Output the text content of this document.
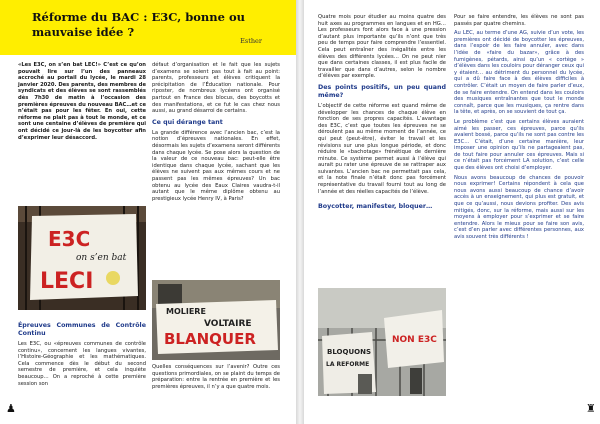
Réforme du BAC : E3C, bonne ou mauvaise idée ?
Esther

«Les E3C, on s’en bat LEC!» C’est ce qu’on pouvait lire sur l’un des panneaux accroché au portail du lycée, le mardi 28 janvier 2020. Des parents, des membres de syndicats et des élèves se sont rassemblés dès 7h30 de matin à l’occasion des premières épreuves du nouveau BAC…et ce n’était pas pour les fêter. En oui, cette réforme ne plait pas à tout le monde, et ce sont une centaine d’élèves de première qui ont décidé ce jour-là de les boycotter afin d’exprimer leur désaccord.

E3C
on s’en bat
LECI
Épreuves Communes de Contrôle Continu

Les E3C, ou «épreuves communes de contrôle continu», concernent les langues vivantes, l’Histoire-Géographie et les mathématiques. Cela commence dès le début du second semestre de première, et cela inquiète beaucoup… On a reproché à cette première session son

défaut d’organisation et le fait que les sujets d’examens se soient pas tout à fait au point: parents, professeurs et élèves critiquent la précipitation de l’Éducation nationale. Pour riposter, de nombreux lycéens ont organisé partout en France des blocus, des boycotts et des manifestations, et ce fut le cas chez nous aussi, au grand désarroi de certains.

Ce qui dérange tant

La grande différence avec l’ancien bac, c’est la notion d’épreuves nationales. En effet, désormais les sujets d’examens seront différents dans chaque lycée. Se pose alors la question de la valeur de ce nouveau bac: peut-elle être identique dans chaque lycée, sachant que les élèves ne suivent pas aux mêmes cours et ne passent pas les mêmes épreuves? Un bac obtenu au lycée des Eaux Claires vaudra-t-il autant que le même diplôme obtenu au prestigieux lycée Henry IV, à Paris?

MOLIERE
VOLTAIRE
BLANQUER

Quelles conséquences sur l’avenir? Outre ces questions primordiales, on se plaint du temps de préparation: entre la rentrée en première et les premières épreuves, il n’y a que quatre mois.

♟

Quatre mois pour étudier au moins quatre des huit axes au programmes en langues et en HG… Les professeurs font alors face à une pression d’autant plus importante qu’ils n’ont que très peu de temps pour faire comprendre l’essentiel. Cela peut entraîner des inégalités entre les élèves des différents lycées… On ne peut nier que dans certaines classes, il est plus facile de travailler que dans d’autres, selon le nombre d’élèves par exemple.

Des points positifs, un peu quand même?

L’objectif de cette réforme est quand même de développer les chances de chaque élève en fonction de ses propres capacités. L’avantage des E3C, c’est que toutes les épreuves ne se déroulent pas au même moment de l’année, ce qui peut (peut-être), éviter le travail et les révisions sur une plus longue période, et donc réduire le «bachotage» frénétique de dernière minute. Ce système permet aussi à l’élève qui aurait pu rater une épreuve de se rattraper aux suivantes. L’ancien bac ne permettait pas cela, et la note finale n’était donc pas forcément représentative du travail fourni tout au long de l’année et des réelles capacités de l’élève.

Boycotter, manifester, bloquer…
BLOQUONS
LA REFORME
NON E3C

Pour se faire entendre, les élèves ne sont pas passés par quatre chemins.

Au LEC, au terme d’une AG, suivie d’un vote, les premières ont décidé de boycotter les épreuves, dans l’espoir de les faire annuler, avec dans l’idée de «faire du bazar», grâce à des fumigènes, pétards, ainsi qu’un « cortège » d’élèves dans les couloirs pour déranger ceux qui y étaient… au détriment du personnel du lycée, qui a dû faire face à des élèves difficiles à contrôler. C’était un moyen de faire parler d’eux, de se faire entendre. On entend dans les couloirs des musiques entraînantes que tout le monde connaît, parce que les musiques, ça rentre dans la tête, et après, on se souvient de tout ça.

Le problème c’est que certains élèves auraient aimé les passer, ces épreuves, parce qu’ils avaient bossé, parce qu’ils ne sont pas contre les E3C… C’était, d’une certaine manière, leur imposer une opinion qu’ils ne partageaient pas, de tout faire pour annuler ces épreuves. Mais si ce n’était pas forcément LA solution, c’est celle que des élèves ont choisi d’employer.

Nous avons beaucoup de chances de pouvoir nous exprimer! Certains répondent à cela que nous avons aussi beaucoup de chance d’avoir accès à un enseignement, qui plus est gratuit, et que ce qu’aussi, nous devions profiter. Des avis mitigés, donc, sur la réforme, mais aussi sur les moyens à employer pour s’exprimer et se faire entendre. Alors le mieux pour se faire son avis, c’est d’en parler avec différentes personnes, aux avis souvent très différents !

♜
